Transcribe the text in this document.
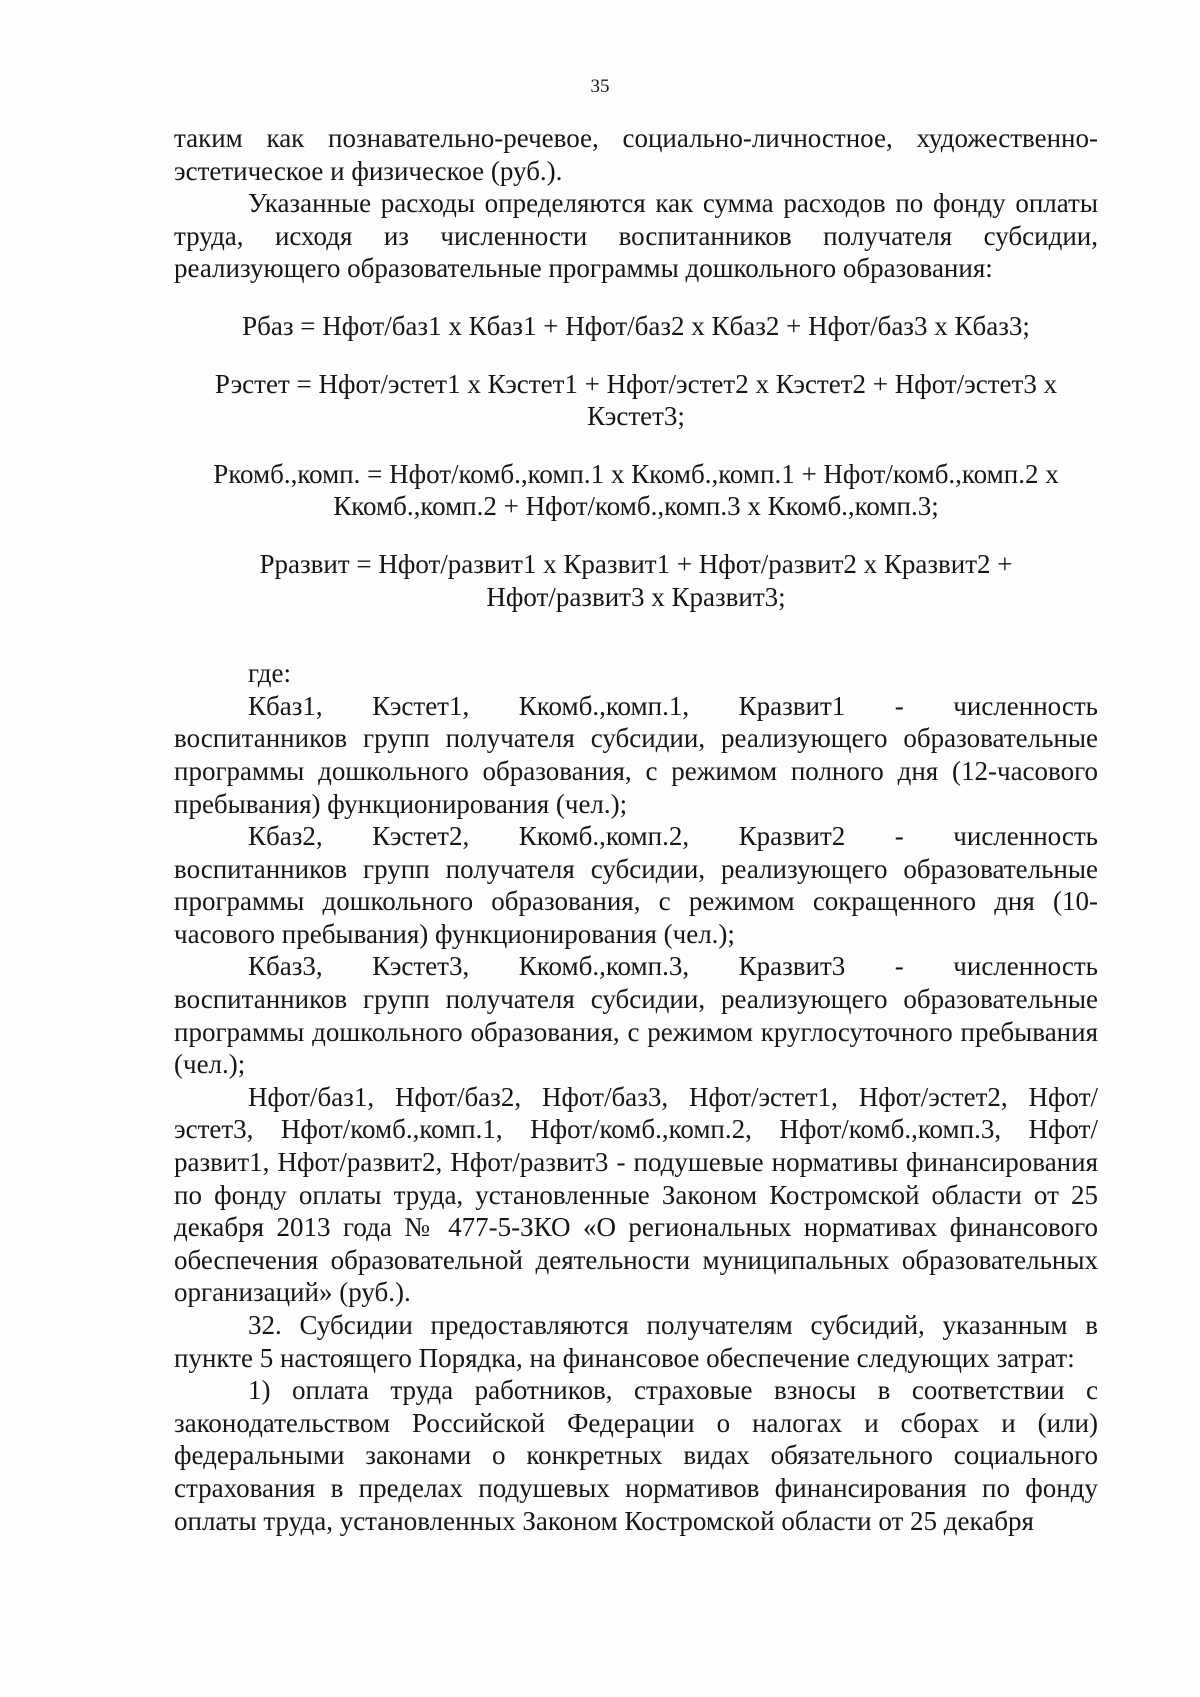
35

таким как познавательно-речевое, социально-личностное, художественно-эстетическое и физическое (руб.).

Указанные расходы определяются как сумма расходов по фонду оплаты труда, исходя из численности воспитанников получателя субсидии, реализующего образовательные программы дошкольного образования:

Рбаз = Нфот/баз1 x Кбаз1 + Нфот/баз2 x Кбаз2 + Нфот/баз3 x Кбаз3;

Рэстет = Нфот/эстет1 x Кэстет1 + Нфот/эстет2 x Кэстет2 + Нфот/эстет3 x

Кэстет3;

Ркомб.,комп. = Нфот/комб.,комп.1 x Ккомб.,комп.1 + Нфот/комб.,комп.2 x

Ккомб.,комп.2 + Нфот/комб.,комп.3 x Ккомб.,комп.3;

Рразвит = Нфот/развит1 x Кразвит1 + Нфот/развит2 x Кразвит2 +

Нфот/развит3 x Кразвит3;

где:

Кбаз1, Кэстет1, Ккомб.,комп.1, Кразвит1 - численность

воспитанников групп получателя субсидии, реализующего образовательные программы дошкольного образования, с режимом полного дня (12-часового пребывания) функционирования (чел.);

Кбаз2, Кэстет2, Ккомб.,комп.2, Кразвит2 - численность

воспитанников групп получателя субсидии, реализующего образовательные программы дошкольного образования, с режимом сокращенного дня (10-часового пребывания) функционирования (чел.);

Кбаз3, Кэстет3, Ккомб.,комп.3, Кразвит3 - численность

воспитанников групп получателя субсидии, реализующего образовательные программы дошкольного образования, с режимом круглосуточного пребывания (чел.);

Нфот/баз1, Нфот/баз2, Нфот/баз3, Нфот/эстет1, Нфот/эстет2, Нфот/эстет3, Нфот/комб.,комп.1, Нфот/комб.,комп.2, Нфот/комб.,комп.3, Нфот/развит1, Нфот/развит2, Нфот/развит3 - подушевые нормативы финансирования по фонду оплаты труда, установленные Законом Костромской области от 25 декабря 2013 года № 477-5-ЗКО «О региональных нормативах финансового обеспечения образовательной деятельности муниципальных образовательных организаций» (руб.).

32. Субсидии предоставляются получателям субсидий, указанным в пункте 5 настоящего Порядка, на финансовое обеспечение следующих затрат:

1) оплата труда работников, страховые взносы в соответствии с законодательством Российской Федерации о налогах и сборах и (или) федеральными законами о конкретных видах обязательного социального страхования в пределах подушевых нормативов финансирования по фонду оплаты труда, установленных Законом Костромской области от 25 декабря
